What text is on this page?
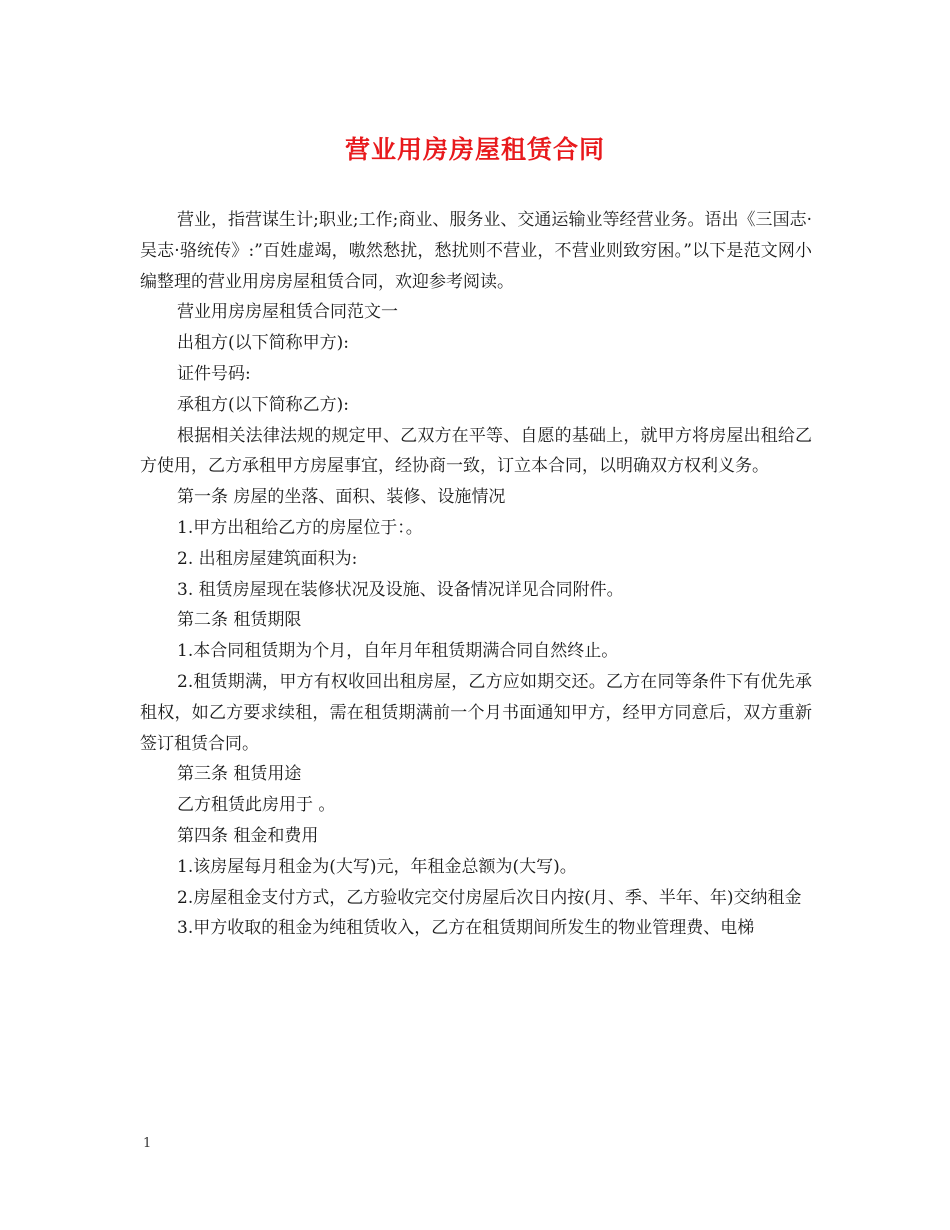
营业用房房屋租赁合同

营业，指营谋生计;职业;工作;商业、服务业、交通运输业等经营业务。语出《三国志·吴志·骆统传》:”百姓虚竭，嗷然愁扰，愁扰则不营业，不营业则致穷困。”以下是范文网小编整理的营业用房房屋租赁合同，欢迎参考阅读。

营业用房房屋租赁合同范文一

出租方(以下简称甲方):

证件号码:

承租方(以下简称乙方):

根据相关法律法规的规定甲、乙双方在平等、自愿的基础上，就甲方将房屋出租给乙方使用，乙方承租甲方房屋事宜，经协商一致，订立本合同，以明确双方权利义务。

第一条 房屋的坐落、面积、装修、设施情况

1.甲方出租给乙方的房屋位于：。

2. 出租房屋建筑面积为:

3. 租赁房屋现在装修状况及设施、设备情况详见合同附件。

第二条 租赁期限

1.本合同租赁期为个月，自年月年租赁期满合同自然终止。

2.租赁期满，甲方有权收回出租房屋，乙方应如期交还。乙方在同等条件下有优先承租权，如乙方要求续租，需在租赁期满前一个月书面通知甲方，经甲方同意后，双方重新签订租赁合同。

第三条 租赁用途

乙方租赁此房用于 。

第四条 租金和费用

1.该房屋每月租金为(大写)元，年租金总额为(大写)。

2.房屋租金支付方式，乙方验收完交付房屋后次日内按(月、季、半年、年)交纳租金

3.甲方收取的租金为纯租赁收入，乙方在租赁期间所发生的物业管理费、电梯

1
